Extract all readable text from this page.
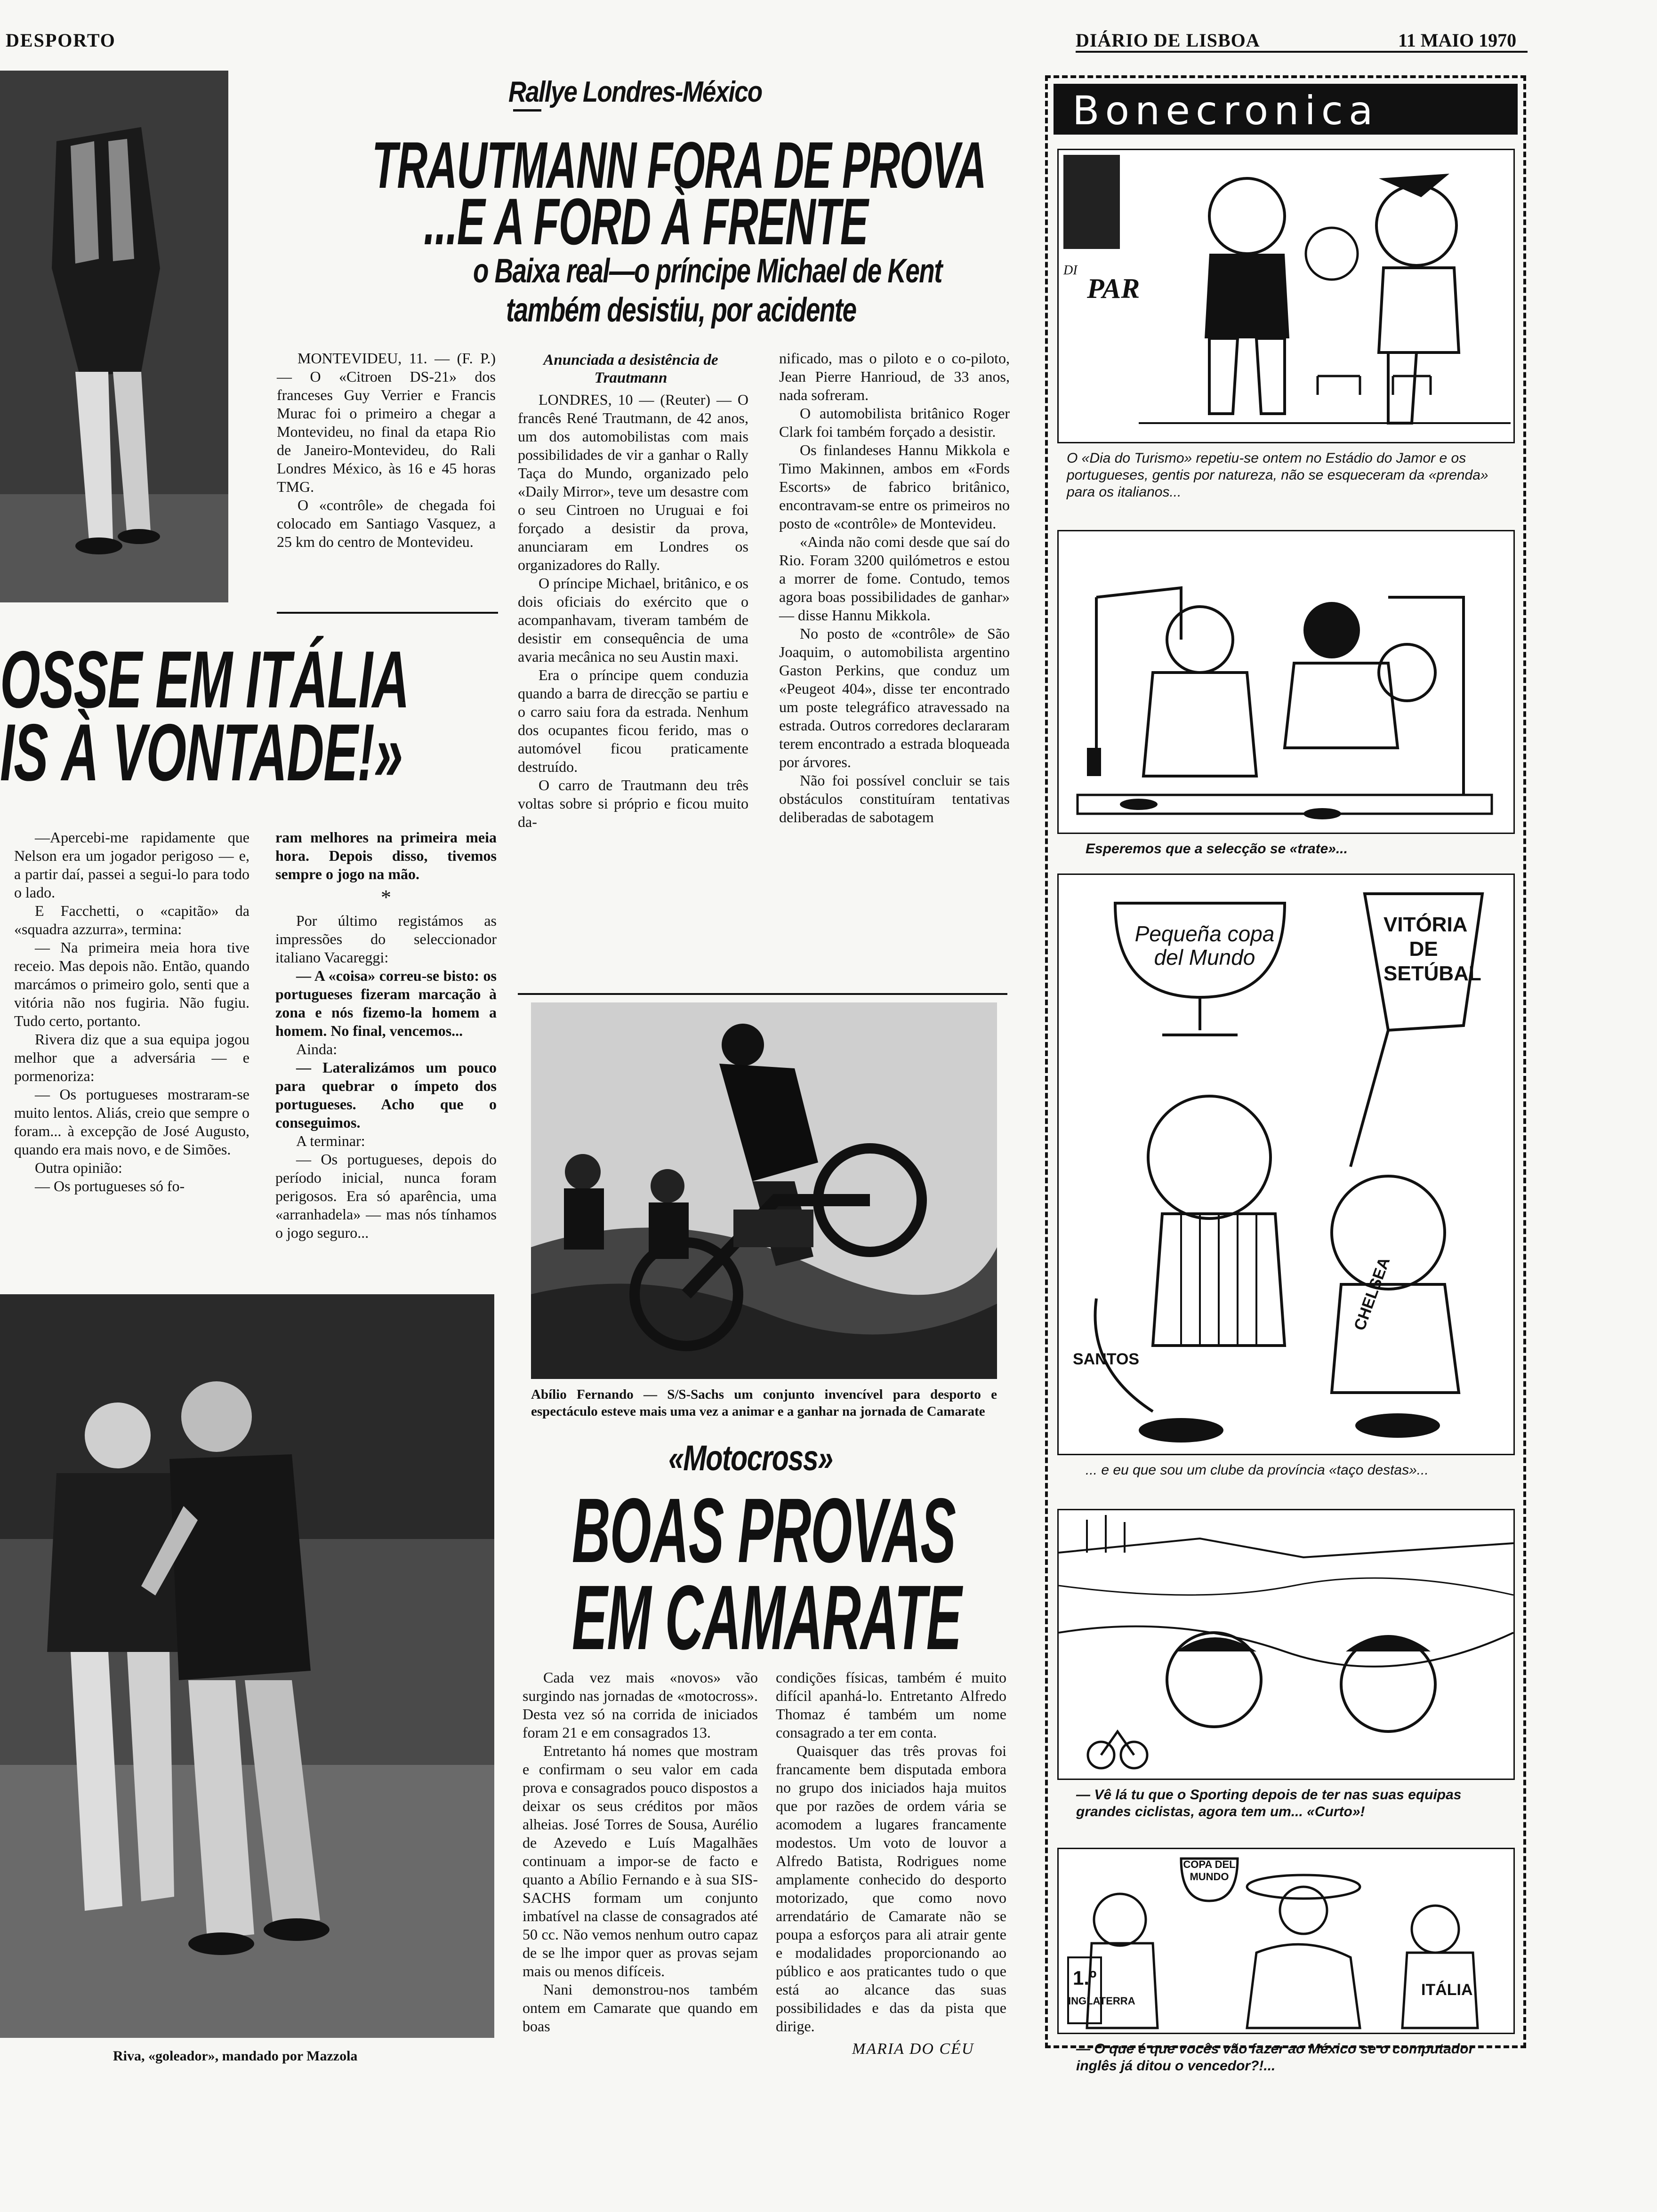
DESPORTO	DIÁRIO DE LISBOA	11 MAIO 1970
Rallye Londres-México
TRAUTMANN FORA DE PROVA
...E A FORD À FRENTE
o Baixa real—o príncipe Michael de Kent
também desistiu, por acidente

MONTEVIDEU, 11. — (F. P.) — O «Citroen DS-21» dos franceses Guy Verrier e Francis Murac foi o primeiro a chegar a Montevideu, no final da etapa Rio de Janeiro-Montevideu, do Rali Londres México, às 16 e 45 horas TMG.

O «contrôle» de chegada foi colocado em Santiago Vasquez, a 25 km do centro de Montevideu.

Anunciada a desistência de Trautmann

LONDRES, 10 — (Reuter) — O francês René Trautmann, de 42 anos, um dos automobilistas com mais possibilidades de vir a ganhar o Rally Taça do Mundo, organizado pelo «Daily Mirror», teve um desastre com o seu Cintroen no Uruguai e foi forçado a desistir da prova, anunciaram em Londres os organizadores do Rally.

O príncipe Michael, britânico, e os dois oficiais do exército que o acompanhavam, tiveram também de desistir em consequência de uma avaria mecânica no seu Austin maxi.

Era o príncipe quem conduzia quando a barra de direcção se partiu e o carro saiu fora da estrada. Nenhum dos ocupantes ficou ferido, mas o automóvel ficou praticamente destruído.

O carro de Trautmann deu três voltas sobre si próprio e ficou muito da-

nificado, mas o piloto e o co-piloto, Jean Pierre Hanrioud, de 33 anos, nada sofreram.

O automobilista britânico Roger Clark foi também forçado a desistir.

Os finlandeses Hannu Mikkola e Timo Makinnen, ambos em «Fords Escorts» de fabrico britânico, encontravam-se entre os primeiros no posto de «contrôle» de Montevideu.

«Ainda não comi desde que saí do Rio. Foram 3200 quilómetros e estou a morrer de fome. Contudo, temos agora boas possibilidades de ganhar» — disse Hannu Mikkola.

No posto de «contrôle» de São Joaquim, o automobilista argentino Gaston Perkins, que conduz um «Peugeot 404», disse ter encontrado um poste telegráfico atravessado na estrada. Outros corredores declararam terem encontrado a estrada bloqueada por árvores.

Não foi possível concluir se tais obstáculos constituíram tentativas deliberadas de sabotagem

OSSE EM ITÁLIA
IS À VONTADE!»

—Apercebi-me rapidamente que Nelson era um jogador perigoso — e, a partir daí, passei a segui-lo para todo o lado.

E Facchetti, o «capitão» da «squadra azzurra», termina:

— Na primeira meia hora tive receio. Mas depois não. Então, quando marcámos o primeiro golo, senti que a vitória não nos fugiria. Não fugiu. Tudo certo, portanto.

Rivera diz que a sua equipa jogou melhor que a adversária — e pormenoriza:

— Os portugueses mostraram-se muito lentos. Aliás, creio que sempre o foram... à excepção de José Augusto, quando era mais novo, e de Simões.

Outra opinião:

— Os portugueses só fo-

ram melhores na primeira meia hora. Depois disso, tivemos sempre o jogo na mão.

*

Por último registámos as impressões do seleccionador italiano Vacareggi:

— A «coisa» correu-se bisto: os portugueses fizeram marcação à zona e nós fizemo-la homem a homem. No final, vencemos...

Ainda:

— Lateralizámos um pouco para quebrar o ímpeto dos portugueses. Acho que o conseguimos.

A terminar:

— Os portugueses, depois do período inicial, nunca foram perigosos. Era só aparência, uma «arranhadela» — mas nós tínhamos o jogo seguro...

Riva, «goleador», mandado por Mazzola
Abílio Fernando — S/S-Sachs um conjunto invencível para desporto e espectáculo esteve mais uma vez a animar e a ganhar na jornada de Camarate
«Motocross»
BOAS PROVAS
EM CAMARATE

Cada vez mais «novos» vão surgindo nas jornadas de «motocross». Desta vez só na corrida de iniciados foram 21 e em consagrados 13.

Entretanto há nomes que mostram e confirmam o seu valor em cada prova e consagrados pouco dispostos a deixar os seus créditos por mãos alheias. José Torres de Sousa, Aurélio de Azevedo e Luís Magalhães continuam a impor-se de facto e quanto a Abílio Fernando e à sua SIS-SACHS formam um conjunto imbatível na classe de consagrados até 50 cc. Não vemos nenhum outro capaz de se lhe impor quer as provas sejam mais ou menos difíceis.

Nani demonstrou-nos também ontem em Camarate que quando em boas

condições físicas, também é muito difícil apanhá-lo. Entretanto Alfredo Thomaz é também um nome consagrado a ter em conta.

Quaisquer das três provas foi francamente bem disputada embora no grupo dos iniciados haja muitos que por razões de ordem vária se acomodem a lugares francamente modestos. Um voto de louvor a Alfredo Batista, Rodrigues nome amplamente conhecido do desporto motorizado, que como novo arrendatário de Camarate não se poupa a esforços para ali atrair gente e modalidades proporcionando ao público e aos praticantes tudo o que está ao alcance das suas possibilidades e das da pista que dirige.

MARIA DO CÉU
Bonecronica
DI
PAR
O «Dia do Turismo» repetiu-se ontem no Estádio do Jamor e os portugueses, gentis por natureza, não se esqueceram da «prenda» para os italianos...
Esperemos que a selecção se «trate»...
Pequeña copa del Mundo
VITÓRIA DE SETÚBAL
SANTOS
CHELSEA
... e eu que sou um clube da província «taço destas»...
— Vê lá tu que o Sporting depois de ter nas suas equipas grandes ciclistas, agora tem um... «Curto»!
COPA DEL MUNDO
1.º
INGLATERRA
ITÁLIA
— O que é que vocês vão fazer ao México se o computador inglês já ditou o vencedor?!...
